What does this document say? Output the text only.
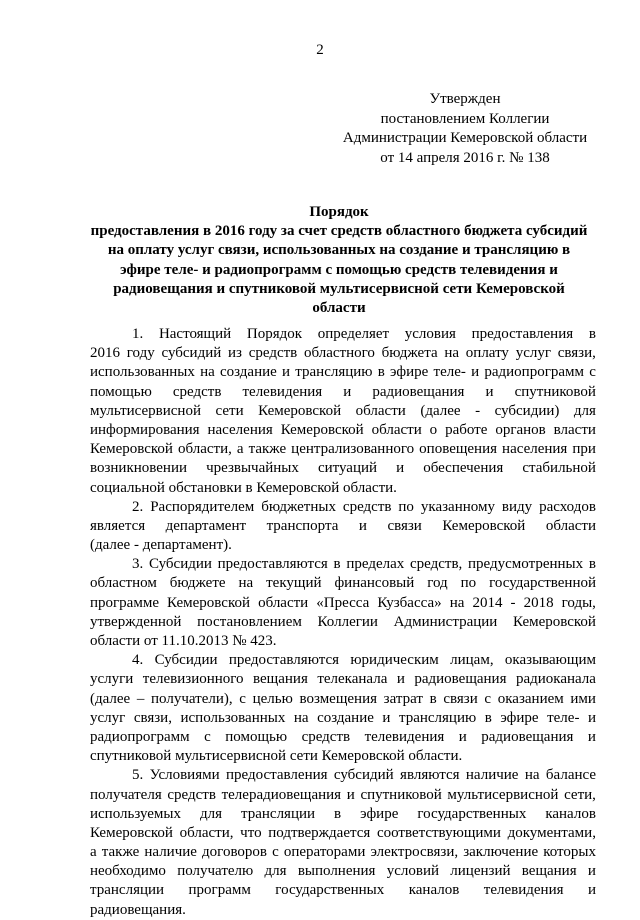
2
Утвержден
постановлением Коллегии
Администрации Кемеровской области
от 14 апреля 2016 г. № 138
Порядок
предоставления в 2016 году за счет средств областного бюджета субсидий
на оплату услуг связи, использованных на создание и трансляцию в
эфире теле- и радиопрограмм с помощью средств телевидения и
радиовещания и спутниковой мультисервисной сети Кемеровской
области
1. Настоящий Порядок определяет условия предоставления в
2016 году субсидий из средств областного бюджета на оплату услуг связи,
использованных на создание и трансляцию в эфире теле- и радиопрограмм с
помощью средств телевидения и радиовещания и спутниковой
мультисервисной сети Кемеровской области (далее - субсидии) для
информирования населения Кемеровской области о работе органов власти
Кемеровской области, а также централизованного оповещения населения при
возникновении чрезвычайных ситуаций и обеспечения стабильной
социальной обстановки в Кемеровской области.
2. Распорядителем бюджетных средств по указанному виду расходов
является департамент транспорта и связи Кемеровской области
(далее - департамент).
3. Субсидии предоставляются в пределах средств, предусмотренных в
областном бюджете на текущий финансовый год по государственной
программе Кемеровской области «Пресса Кузбасса» на 2014 - 2018 годы,
утвержденной постановлением Коллегии Администрации Кемеровской
области от 11.10.2013 № 423.
4. Субсидии предоставляются юридическим лицам, оказывающим
услуги телевизионного вещания телеканала и радиовещания радиоканала
(далее – получатели), с целью возмещения затрат в связи с оказанием ими
услуг связи, использованных на создание и трансляцию в эфире теле- и
радиопрограмм с помощью средств телевидения и радиовещания и
спутниковой мультисервисной сети Кемеровской области.
5. Условиями предоставления субсидий являются наличие на балансе
получателя средств телерадиовещания и спутниковой мультисервисной сети,
используемых для трансляции в эфире государственных каналов
Кемеровской области, что подтверждается соответствующими документами,
а также наличие договоров с операторами электросвязи, заключение которых
необходимо получателю для выполнения условий лицензий вещания и
трансляции программ государственных каналов телевидения и
радиовещания.
